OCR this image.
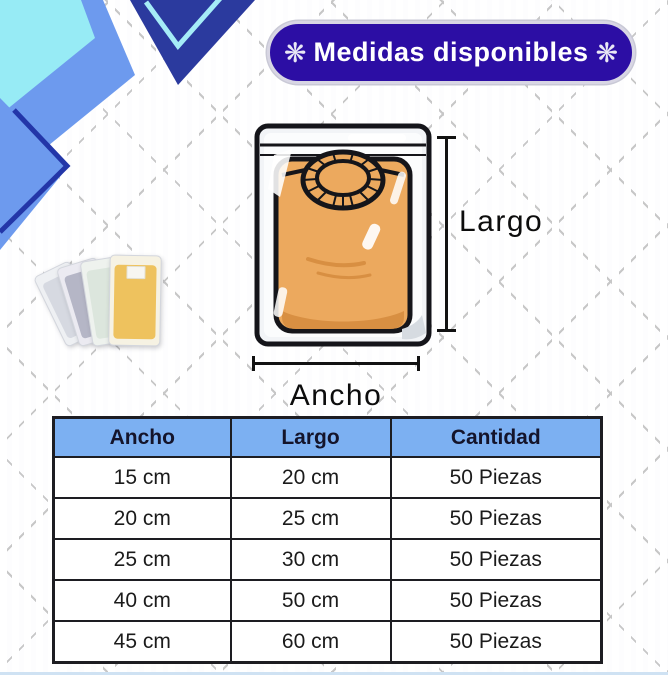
❋ Medidas disponibles ❋
Largo
Ancho
Ancho	Largo	Cantidad
15 cm	20 cm	50 Piezas
20 cm	25 cm	50 Piezas
25 cm	30 cm	50 Piezas
40 cm	50 cm	50 Piezas
45 cm	60 cm	50 Piezas
